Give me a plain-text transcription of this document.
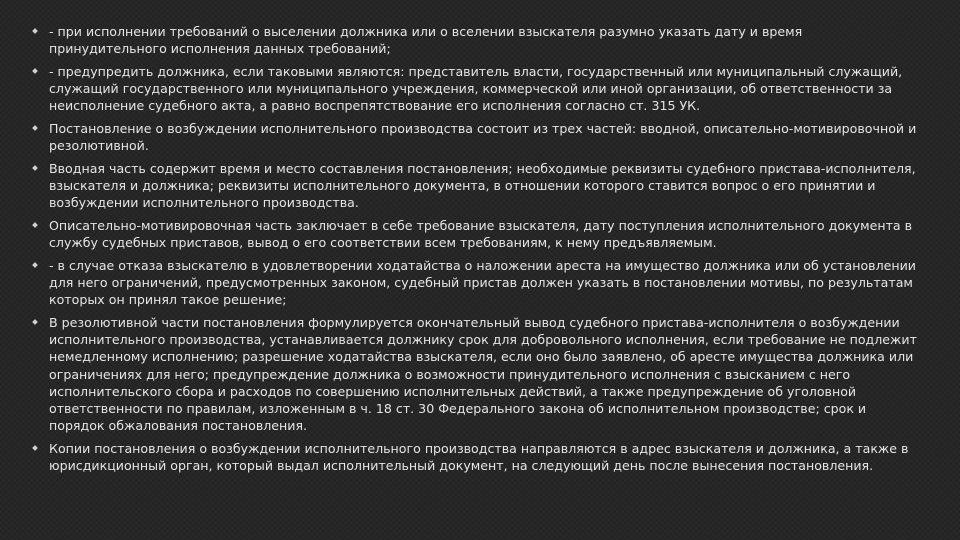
- при исполнении требований о выселении должника или о вселении взыскателя разумно указать дату и время принудительного исполнения данных требований;
- предупредить должника, если таковыми являются: представитель власти, государственный или муниципальный служащий, служащий государственного или муниципального учреждения, коммерческой или иной организации, об ответственности за неисполнение судебного акта, а равно воспрепятствование его исполнения согласно ст. 315 УК.
Постановление о возбуждении исполнительного производства состоит из трех частей: вводной, описательно-мотивировочной и резолютивной.
Вводная часть содержит время и место составления постановления; необходимые реквизиты судебного пристава-исполнителя, взыскателя и должника; реквизиты исполнительного документа, в отношении которого ставится вопрос о его принятии и возбуждении исполнительного производства.
Описательно-мотивировочная часть заключает в себе требование взыскателя, дату поступления исполнительного документа в службу судебных приставов, вывод о его соответствии всем требованиям, к нему предъявляемым.
- в случае отказа взыскателю в удовлетворении ходатайства о наложении ареста на имущество должника или об установлении для него ограничений, предусмотренных законом, судебный пристав должен указать в постановлении мотивы, по результатам которых он принял такое решение;
В резолютивной части постановления формулируется окончательный вывод судебного пристава-исполнителя о возбуждении исполнительного производства, устанавливается должнику срок для добровольного исполнения, если требование не подлежит немедленному исполнению; разрешение ходатайства взыскателя, если оно было заявлено, об аресте имущества должника или ограничениях для него; предупреждение должника о возможности принудительного исполнения с взысканием с него исполнительского сбора и расходов по совершению исполнительных действий, а также предупреждение об уголовной ответственности по правилам, изложенным в ч. 18 ст. 30 Федерального закона об исполнительном производстве; срок и порядок обжалования постановления.
Копии постановления о возбуждении исполнительного производства направляются в адрес взыскателя и должника, а также в юрисдикционный орган, который выдал исполнительный документ, на следующий день после вынесения постановления.
